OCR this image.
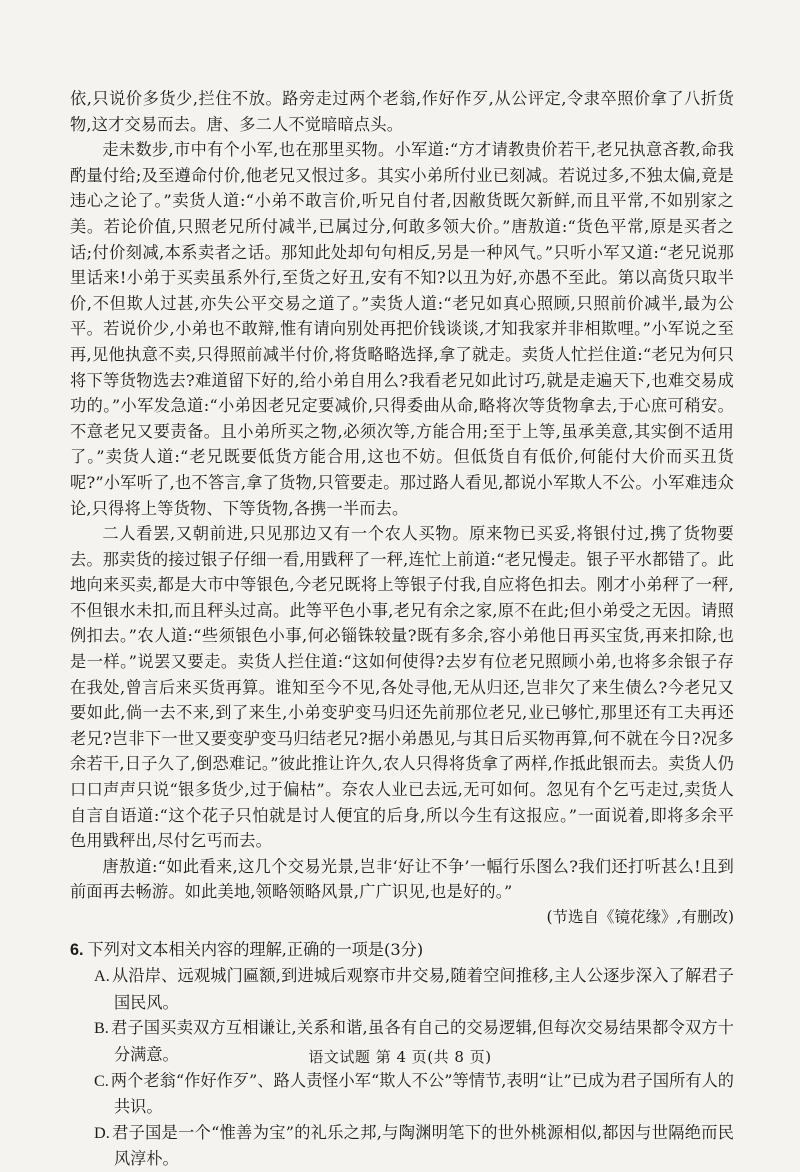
依,只说价多货少,拦住不放。路旁走过两个老翁,作好作歹,从公评定,令隶卒照价拿了八折货物,这才交易而去。唐、多二人不觉暗暗点头。

走未数步,市中有个小军,也在那里买物。小军道:“方才请教贵价若干,老兄执意吝教,命我酌量付给;及至遵命付价,他老兄又恨过多。其实小弟所付业已刻减。若说过多,不独太偏,竟是违心之论了。”卖货人道:“小弟不敢言价,听兄自付者,因敝货既欠新鲜,而且平常,不如别家之美。若论价值,只照老兄所付减半,已属过分,何敢多领大价。”唐敖道:“货色平常,原是买者之话;付价刻减,本系卖者之话。那知此处却句句相反,另是一种风气。”只听小军又道:“老兄说那里话来!小弟于买卖虽系外行,至货之好丑,安有不知?以丑为好,亦愚不至此。第以高货只取半价,不但欺人过甚,亦失公平交易之道了。”卖货人道:“老兄如真心照顾,只照前价减半,最为公平。若说价少,小弟也不敢辩,惟有请向别处再把价钱谈谈,才知我家并非相欺哩。”小军说之至再,见他执意不卖,只得照前减半付价,将货略略选择,拿了就走。卖货人忙拦住道:“老兄为何只将下等货物选去?难道留下好的,给小弟自用么?我看老兄如此讨巧,就是走遍天下,也难交易成功的。”小军发急道:“小弟因老兄定要减价,只得委曲从命,略将次等货物拿去,于心庶可稍安。不意老兄又要责备。且小弟所买之物,必须次等,方能合用;至于上等,虽承美意,其实倒不适用了。”卖货人道:“老兄既要低货方能合用,这也不妨。但低货自有低价,何能付大价而买丑货呢?”小军听了,也不答言,拿了货物,只管要走。那过路人看见,都说小军欺人不公。小军难违众论,只得将上等货物、下等货物,各携一半而去。

二人看罢,又朝前进,只见那边又有一个农人买物。原来物已买妥,将银付过,携了货物要去。那卖货的接过银子仔细一看,用戥秤了一秤,连忙上前道:“老兄慢走。银子平水都错了。此地向来买卖,都是大市中等银色,今老兄既将上等银子付我,自应将色扣去。刚才小弟秤了一秤,不但银水未扣,而且秤头过高。此等平色小事,老兄有余之家,原不在此;但小弟受之无因。请照例扣去。”农人道:“些须银色小事,何必锱铢较量?既有多余,容小弟他日再买宝货,再来扣除,也是一样。”说罢又要走。卖货人拦住道:“这如何使得?去岁有位老兄照顾小弟,也将多余银子存在我处,曾言后来买货再算。谁知至今不见,各处寻他,无从归还,岂非欠了来生债么?今老兄又要如此,倘一去不来,到了来生,小弟变驴变马归还先前那位老兄,业已够忙,那里还有工夫再还老兄?岂非下一世又要变驴变马归结老兄?据小弟愚见,与其日后买物再算,何不就在今日?况多余若干,日子久了,倒恐难记。”彼此推让许久,农人只得将货拿了两样,作抵此银而去。卖货人仍口口声声只说“银多货少,过于偏枯”。奈农人业已去远,无可如何。忽见有个乞丐走过,卖货人自言自语道:“这个花子只怕就是讨人便宜的后身,所以今生有这报应。”一面说着,即将多余平色用戥秤出,尽付乞丐而去。

唐敖道:“如此看来,这几个交易光景,岂非‘好让不争’一幅行乐图么?我们还打听甚么!且到前面再去畅游。如此美地,领略领略风景,广广识见,也是好的。”

(节选自《镜花缘》,有删改)

6. 下列对文本相关内容的理解,正确的一项是(3分)

A. 从沿岸、远观城门匾额,到进城后观察市井交易,随着空间推移,主人公逐步深入了解君子国民风。

B. 君子国买卖双方互相谦让,关系和谐,虽各有自己的交易逻辑,但每次交易结果都令双方十分满意。

C. 两个老翁“作好作歹”、路人责怪小军“欺人不公”等情节,表明“让”已成为君子国所有人的共识。

D. 君子国是一个“惟善为宝”的礼乐之邦,与陶渊明笔下的世外桃源相似,都因与世隔绝而民风淳朴。

语文试题 第 4 页(共 8 页)
